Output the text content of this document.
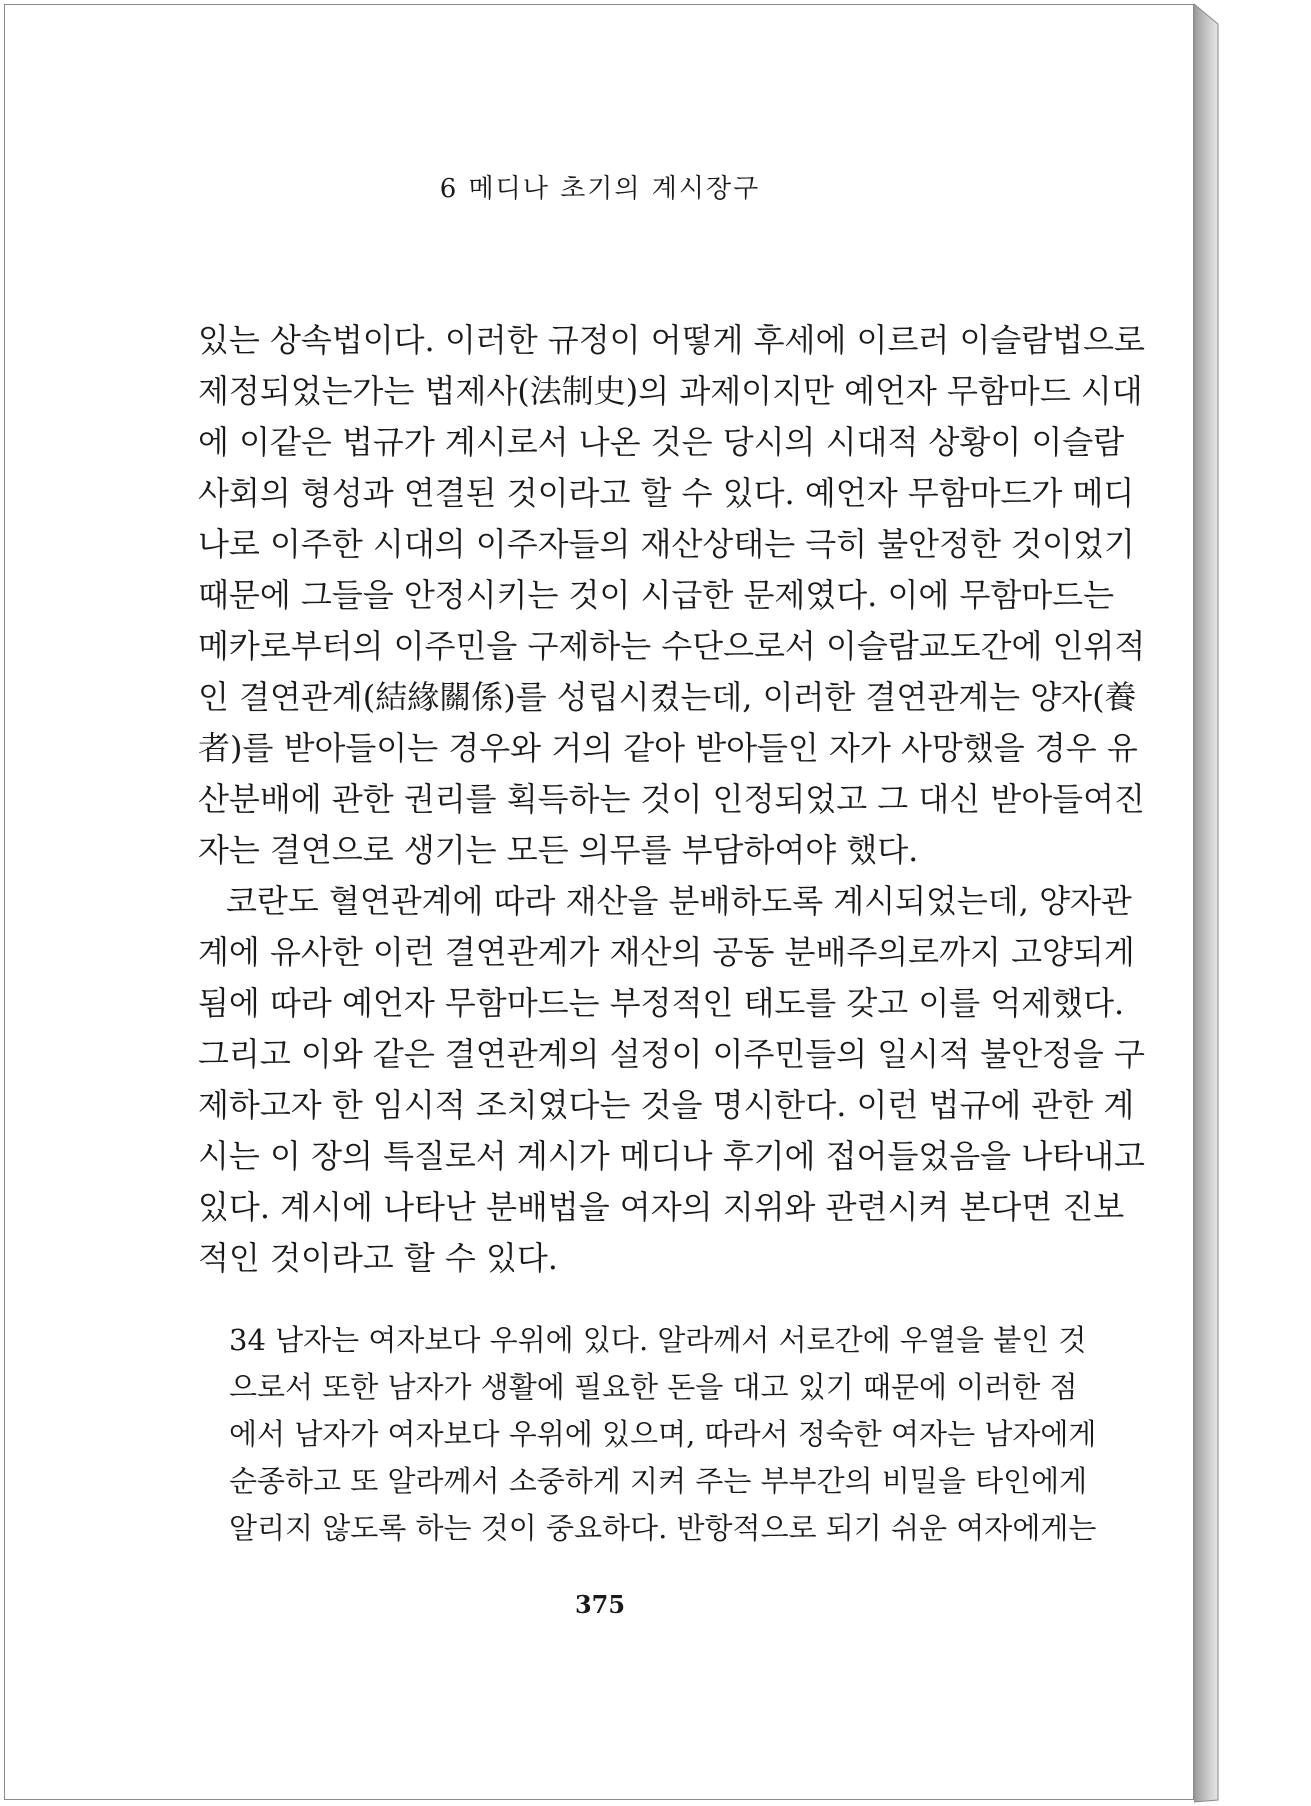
6 메디나 초기의 계시장구
있는 상속법이다. 이러한 규정이 어떻게 후세에 이르러 이슬람법으로
제정되었는가는 법제사(法制史)의 과제이지만 예언자 무함마드 시대
에 이같은 법규가 계시로서 나온 것은 당시의 시대적 상황이 이슬람
사회의 형성과 연결된 것이라고 할 수 있다. 예언자 무함마드가 메디
나로 이주한 시대의 이주자들의 재산상태는 극히 불안정한 것이었기
때문에 그들을 안정시키는 것이 시급한 문제였다. 이에 무함마드는
메카로부터의 이주민을 구제하는 수단으로서 이슬람교도간에 인위적
인 결연관계(結緣關係)를 성립시켰는데, 이러한 결연관계는 양자(養
者)를 받아들이는 경우와 거의 같아 받아들인 자가 사망했을 경우 유
산분배에 관한 권리를 획득하는 것이 인정되었고 그 대신 받아들여진
자는 결연으로 생기는 모든 의무를 부담하여야 했다.
코란도 혈연관계에 따라 재산을 분배하도록 계시되었는데, 양자관
계에 유사한 이런 결연관계가 재산의 공동 분배주의로까지 고양되게
됨에 따라 예언자 무함마드는 부정적인 태도를 갖고 이를 억제했다.
그리고 이와 같은 결연관계의 설정이 이주민들의 일시적 불안정을 구
제하고자 한 임시적 조치였다는 것을 명시한다. 이런 법규에 관한 계
시는 이 장의 특질로서 계시가 메디나 후기에 접어들었음을 나타내고
있다. 계시에 나타난 분배법을 여자의 지위와 관련시켜 본다면 진보
적인 것이라고 할 수 있다.
34 남자는 여자보다 우위에 있다. 알라께서 서로간에 우열을 붙인 것
으로서 또한 남자가 생활에 필요한 돈을 대고 있기 때문에 이러한 점
에서 남자가 여자보다 우위에 있으며, 따라서 정숙한 여자는 남자에게
순종하고 또 알라께서 소중하게 지켜 주는 부부간의 비밀을 타인에게
알리지 않도록 하는 것이 중요하다. 반항적으로 되기 쉬운 여자에게는
375
